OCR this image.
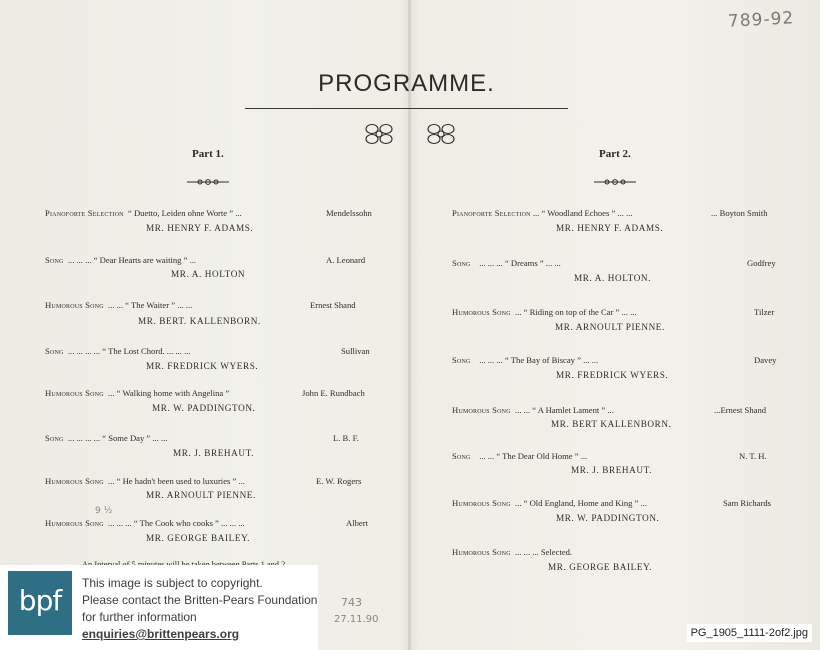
789-92
PROGRAMME.
Part 1.
Pianoforte Selection “ Duetto, Leiden ohne Worte ” ...	Mendelssohn
MR. HENRY F. ADAMS.
Song ... ... ... “ Dear Hearts are waiting ” ...	A. Leonard
MR. A. HOLTON
Humorous Song ... ... “ The Waiter ” ... ...	Ernest Shand
MR. BERT. KALLENBORN.
Song ... ... ... ... “ The Lost Chord. ... ... ...	Sullivan
MR. FREDRICK WYERS.
Humorous Song ... “ Walking home with Angelina ”	John E. Rundbach
MR. W. PADDINGTON.
Song ... ... ... ... “ Some Day ” ... ...	L. B. F.
MR. J. BREHAUT.
Humorous Song ... “ He hadn't been used to luxuries ” ...	E. W. Rogers
MR. ARNOULT PIENNE.
Humorous Song ... ... ... “ The Cook who cooks ” ... ... ...	Albert
MR. GEORGE BAILEY.
9 ½
Part 2.
Pianoforte Selection ... “ Woodland Echoes ” ... ...	... Boyton Smith
MR. HENRY F. ADAMS.
Song ... ... ... “ Dreams ” ... ...	Godfrey
MR. A. HOLTON.
Humorous Song ... “ Riding on top of the Car ” ... ...	Tilzer
MR. ARNOULT PIENNE.
Song ... ... ... “ The Bay of Biscay ” ... ...	Davey
MR. FREDRICK WYERS.
Humorous Song ... ... “ A Hamlet Lament ” ...	...Ernest Shand
MR. BERT KALLENBORN.
Song ... ... “ The Dear Old Home ” ...	N. T. H.
MR. J. BREHAUT.
Humorous Song ... “ Old England, Home and King ” ...	Sam Richards
MR. W. PADDINGTON.
Humorous Song ... ... ... Selected.
MR. GEORGE BAILEY.
743
27.11.90
bpf
This image is subject to copyright.
Please contact the Britten-Pears Foundation
for further information
enquiries@brittenpears.org	PG_1905_1111-2of2.jpg
